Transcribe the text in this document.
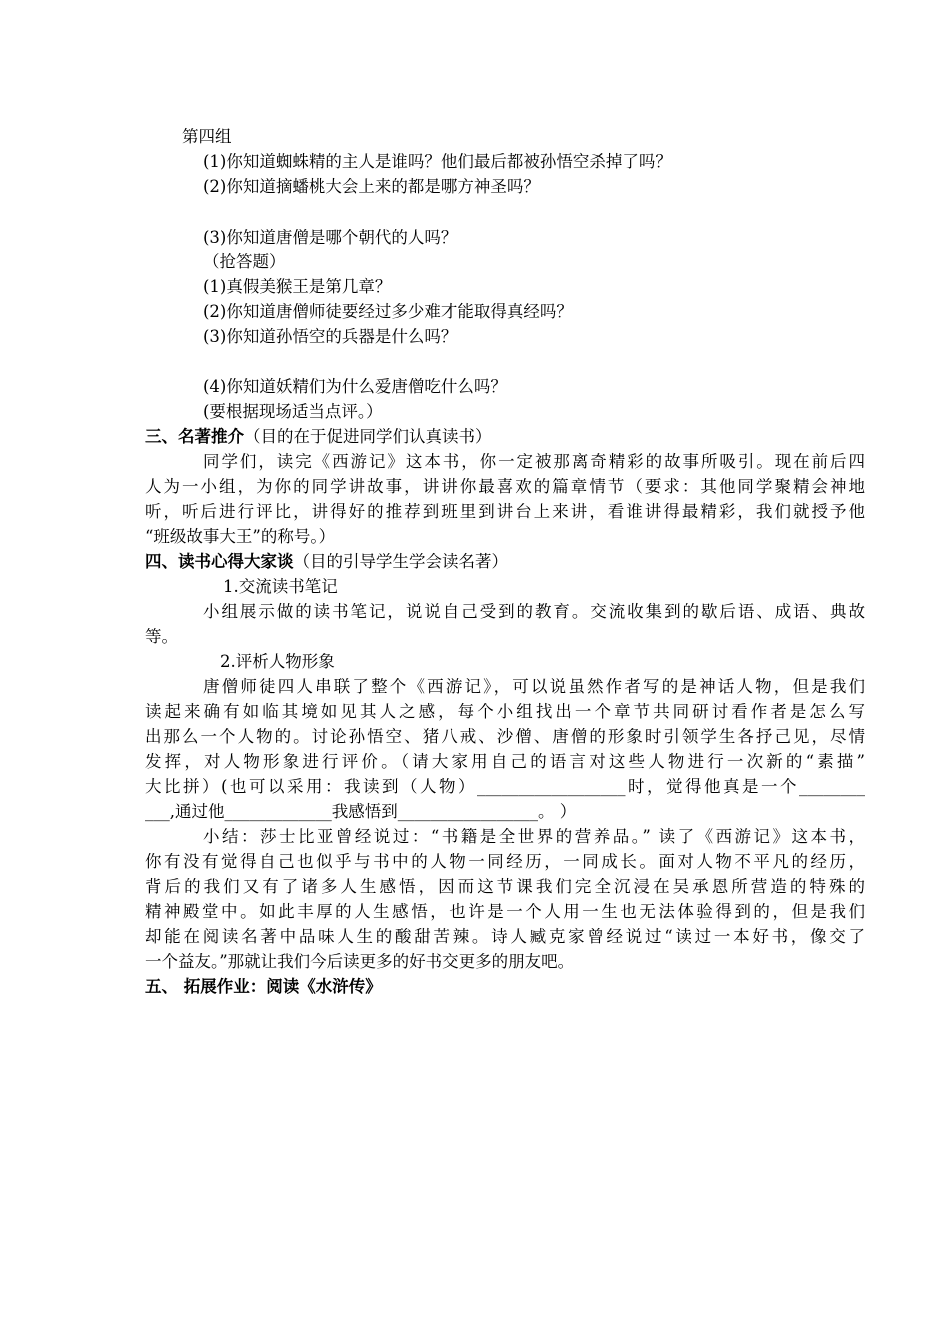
第四组
(1)你知道蜘蛛精的主人是谁吗？他们最后都被孙悟空杀掉了吗？
(2)你知道摘蟠桃大会上来的都是哪方神圣吗？
(3)你知道唐僧是哪个朝代的人吗？
（抢答题）
(1)真假美猴王是第几章？
(2)你知道唐僧师徒要经过多少难才能取得真经吗？
(3)你知道孙悟空的兵器是什么吗？
(4)你知道妖精们为什么爱唐僧吃什么吗？
(要根据现场适当点评。）
三、名著推介（目的在于促进同学们认真读书）
同学们，读完《西游记》这本书，你一定被那离奇精彩的故事所吸引。现在前后四
人为一小组，为你的同学讲故事，讲讲你最喜欢的篇章情节（要求：其他同学聚精会神地
听，听后进行评比，讲得好的推荐到班里到讲台上来讲，看谁讲得最精彩，我们就授予他
“班级故事大王”的称号。）
四、读书心得大家谈（目的引导学生学会读名著）
1.交流读书笔记
小组展示做的读书笔记，说说自己受到的教育。交流收集到的歇后语、成语、典故
等。
2.评析人物形象
唐僧师徒四人串联了整个《西游记》，可以说虽然作者写的是神话人物，但是我们
读起来确有如临其境如见其人之感，每个小组找出一个章节共同研讨看作者是怎么写
出那么一个人物的。讨论孙悟空、猪八戒、沙僧、唐僧的形象时引领学生各抒己见，尽情
发挥，对人物形象进行评价。（请大家用自己的语言对这些人物进行一次新的“素描”
大比拼）(也可以采用：我读到（人物）__________________时，觉得他真是一个________
___,通过他_____________我感悟到_________________。 ）
小结：莎士比亚曾经说过：“书籍是全世界的营养品。” 读了《西游记》这本书，
你有没有觉得自己也似乎与书中的人物一同经历，一同成长。面对人物不平凡的经历，
背后的我们又有了诸多人生感悟，因而这节课我们完全沉浸在吴承恩所营造的特殊的
精神殿堂中。如此丰厚的人生感悟，也许是一个人用一生也无法体验得到的，但是我们
却能在阅读名著中品味人生的酸甜苦辣。诗人臧克家曾经说过“读过一本好书，像交了
一个益友。”那就让我们今后读更多的好书交更多的朋友吧。
五、 拓展作业：阅读《水浒传》
